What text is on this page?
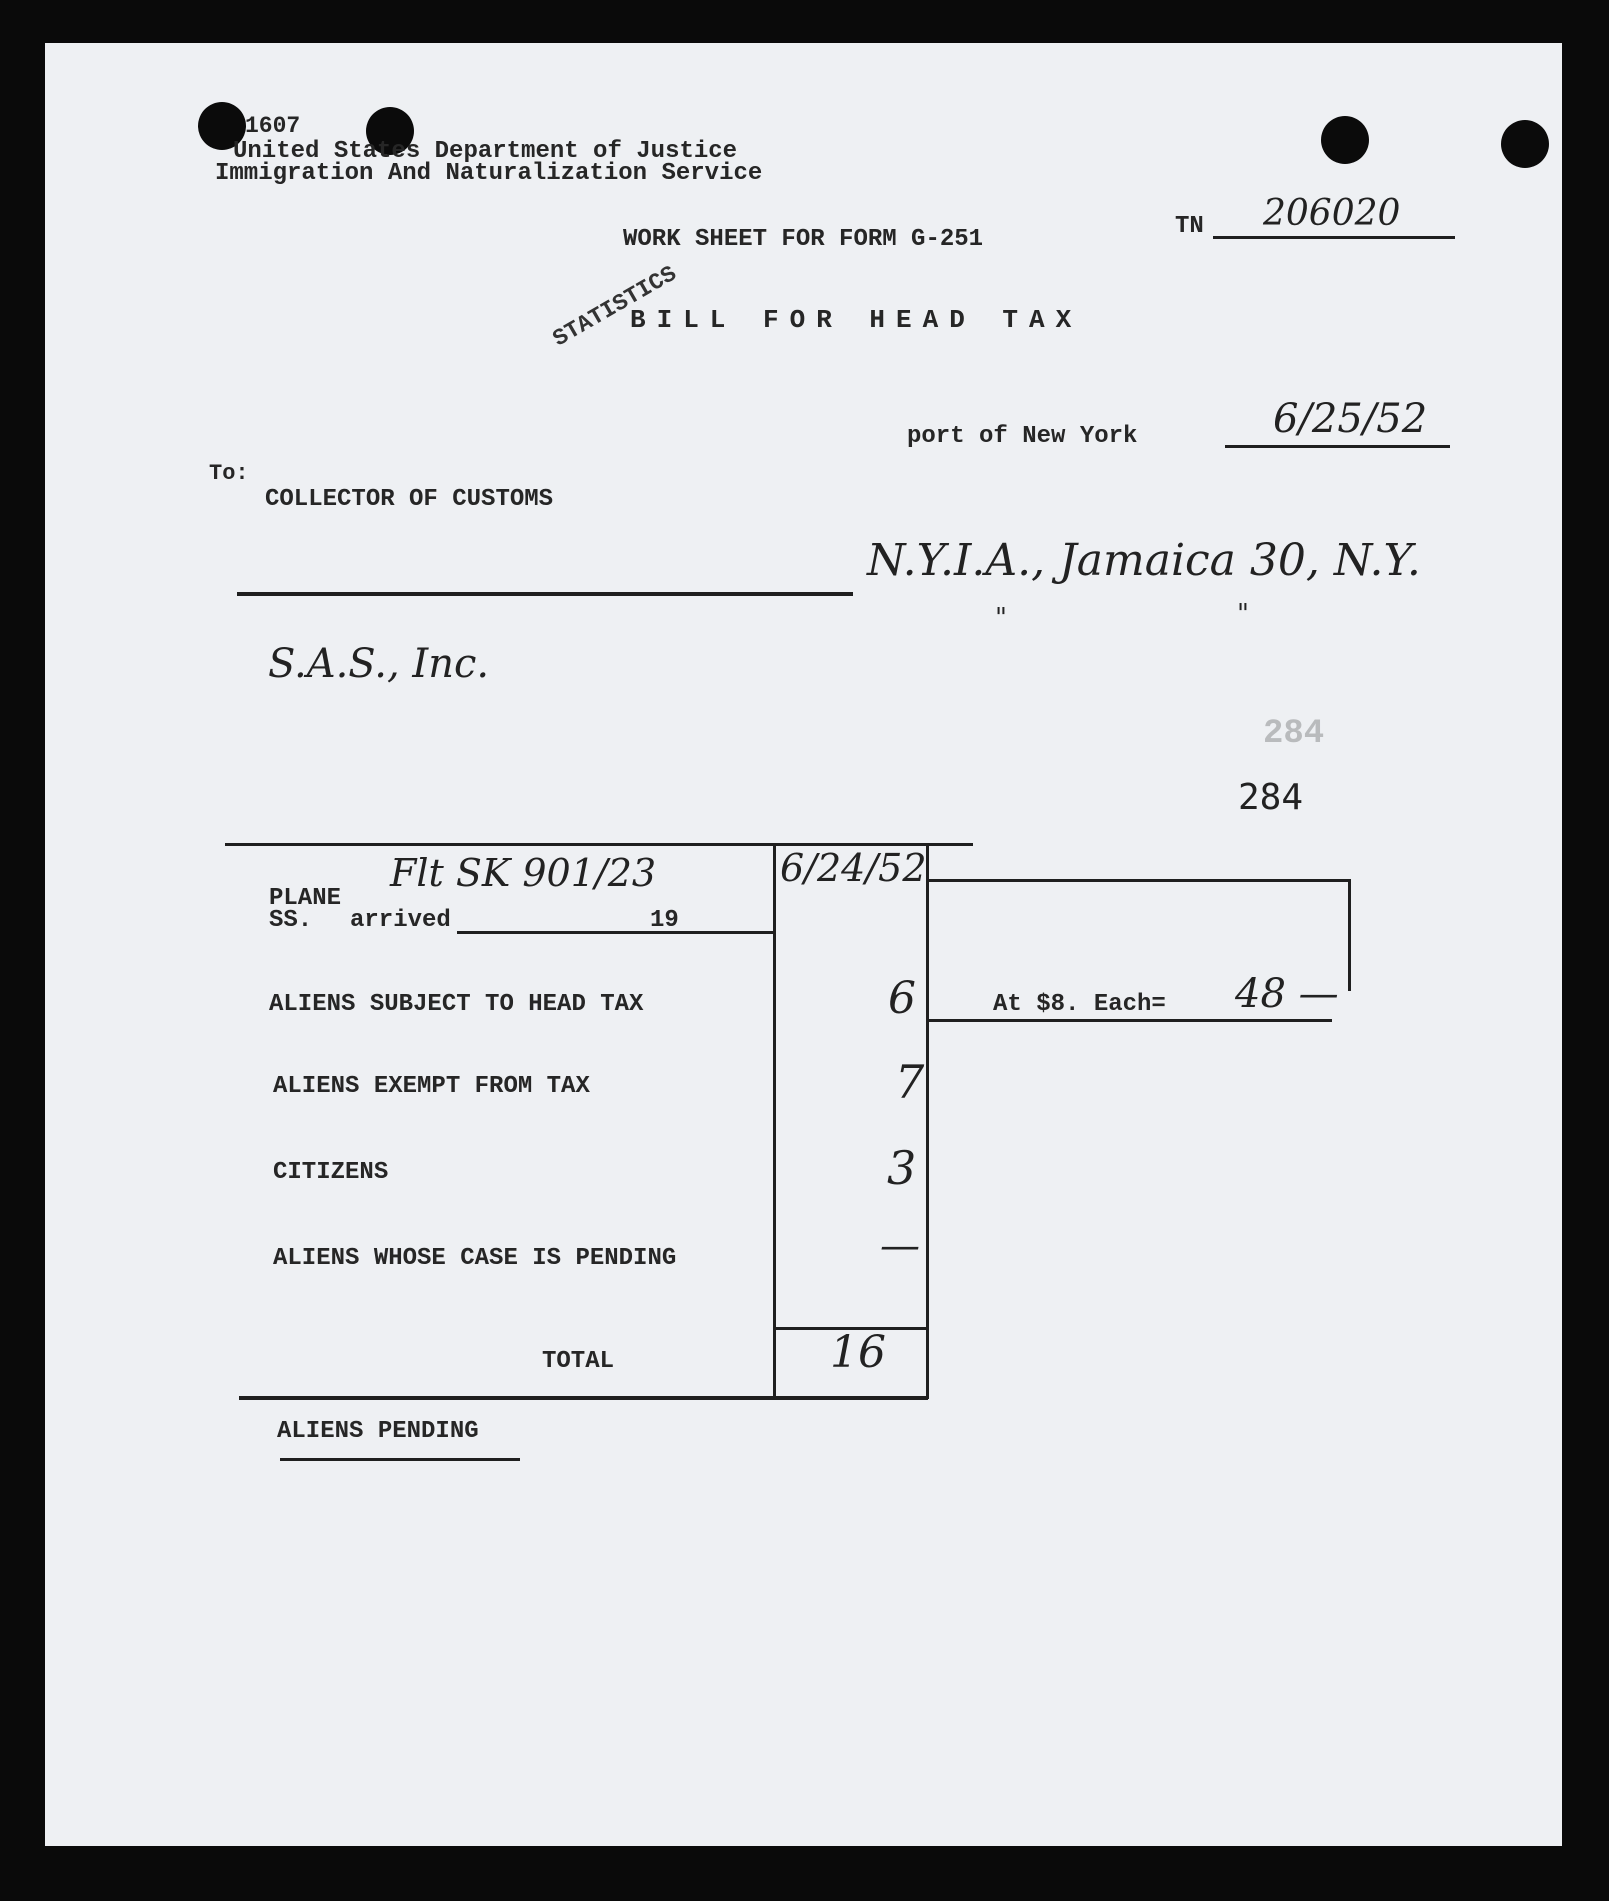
1607
United States Department of Justice
Immigration And Naturalization Service
WORK SHEET FOR FORM G-251
BILL FOR HEAD TAX
STATISTICS
TN 206020
port of New York	6/25/52
To:
COLLECTOR OF CUSTOMS
N.Y.I.A., Jamaica 30, N.Y.
"	"
S.A.S., Inc.
284
284
PLANE
Flt SK 901/23
SS. arrived	19
6/24/52
ALIENS SUBJECT TO HEAD TAX	6	At $8. Each= 48 —
ALIENS EXEMPT FROM TAX	7
CITIZENS	3
ALIENS WHOSE CASE IS PENDING	—
TOTAL	16
ALIENS PENDING
